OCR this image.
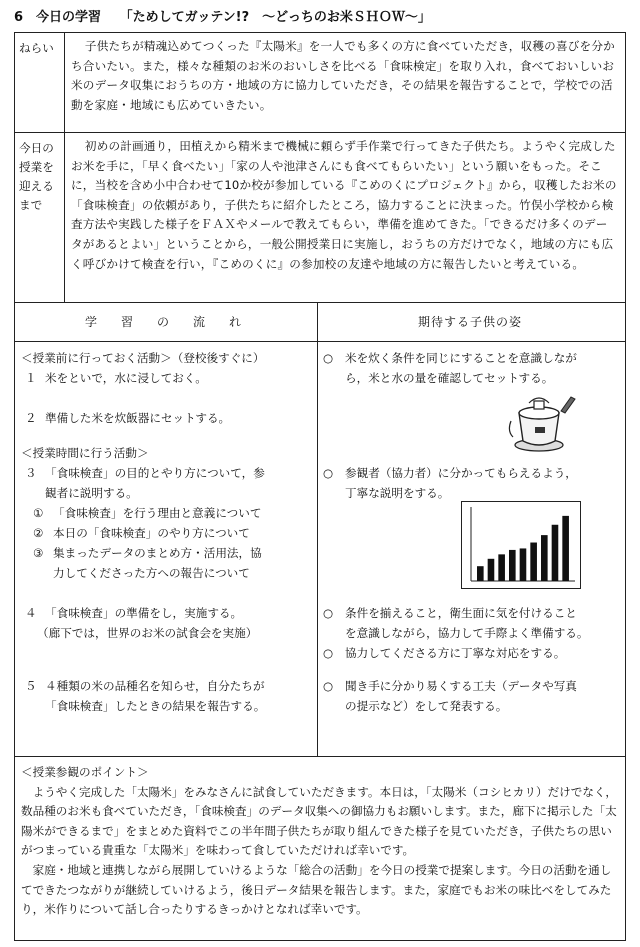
6　今日の学習 「ためしてガッテン!?　～どっちのお米ＳＨＯＷ～」
ねらい	子供たちが精魂込めてつくった『太陽米』を一人でも多くの方に食べていただき，収穫の喜びを分かち合いたい。また，様々な種類のお米のおいしさを比べる「食味検定」を取り入れ，食べておいしいお米のデータ収集におうちの方・地域の方に協力していただき，その結果を報告することで，学校での活動を家庭・地域にも広めていきたい。
今日の授業を迎えるまで
初めの計画通り，田植えから精米まで機械に頼らず手作業で行ってきた子供たち。ようやく完成したお米を手に，「早く食べたい」「家の人や池津さんにも食べてもらいたい」という願いをもった。そこに，当校を含め小中合わせて10か校が参加している『こめのくにプロジェクト』から，収穫したお米の「食味検査」の依頼があり，子供たちに紹介したところ，協力することに決まった。竹俣小学校から検査方法や実践した様子をＦＡＸやメールで教えてもらい，準備を進めてきた。「できるだけ多くのデータがあるとよい」ということから，一般公開授業日に実施し，おうちの方だけでなく，地域の方にも広く呼びかけて検査を行い，『こめのくに』の参加校の友達や地域の方に報告したいと考えている。
学　習　の　流　れ	期待する子供の姿
＜授業前に行っておく活動＞（登校後すぐに）
１ 米をといで，水に浸しておく。
２ 準備した米を炊飯器にセットする。
＜授業時間に行う活動＞
３ 「食味検査」の目的とやり方について，参
観者に説明する。
① 「食味検査」を行う理由と意義について
② 本日の「食味検査」のやり方について
③ 集まったデータのまとめ方・活用法，協
力してくださった方への報告について
４ 「食味検査」の準備をし，実施する。
（廊下では，世界のお米の試食会を実施）
５ ４種類の米の品種名を知らせ，自分たちが
「食味検査」したときの結果を報告する。
○ 米を炊く条件を同じにすることを意識しなが
ら，米と水の量を確認してセットする。
○ 参観者（協力者）に分かってもらえるよう，
丁寧な説明をする。
○ 条件を揃えること，衛生面に気を付けること
を意識しながら，協力して手際よく準備する。
○ 協力してくださる方に丁寧な対応をする。
○ 聞き手に分かり易くする工夫（データや写真
の提示など）をして発表する。
＜授業参観のポイント＞
ようやく完成した「太陽米」をみなさんに試食していただきます。本日は，「太陽米（コシヒカリ）だけでなく，数品種のお米も食べていただき，「食味検査」のデータ収集への御協力もお願いします。また，廊下に掲示した「太陽米ができるまで」をまとめた資料でこの半年間子供たちが取り組んできた様子を見ていただき，子供たちの思いがつまっている貴重な「太陽米」を味わって食していただければ幸いです。
家庭・地域と連携しながら展開していけるような「総合の活動」を今日の授業で提案します。今日の活動を通してできたつながりが継続していけるよう，後日データ結果を報告します。また，家庭でもお米の味比べをしてみたり，米作りについて話し合ったりするきっかけとなれば幸いです。
